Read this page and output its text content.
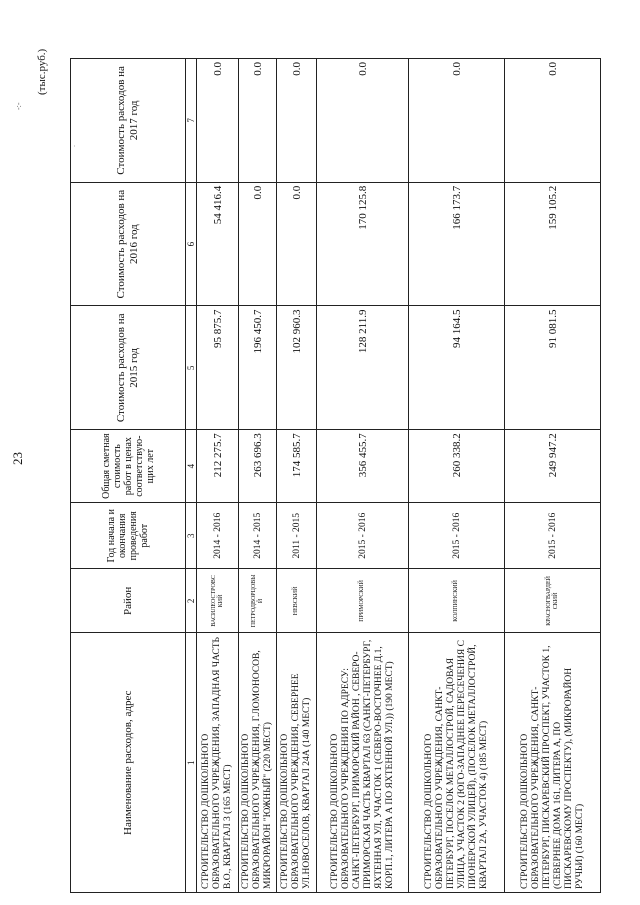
23
-:-
.
(тыс.руб.)
Наименование расходов, адрес	Район	Год начала и окончания проведения работ	Общая сметная стоимость работ в ценах соответствую-щих лет	Стоимость расходов на 2015 год	Стоимость расходов на 2016 год	Стоимость расходов на 2017 год
1	2	3	4	5	6	7
СТРОИТЕЛЬСТВО ДОШКОЛЬНОГО ОБРАЗОВАТЕЛЬНОГО УЧРЕЖДЕНИЯ, ЗАПАДНАЯ ЧАСТЬ В.О., КВАРТАЛ 3 (165 МЕСТ)	ВАСИЛЕОСТРОВС КИЙ	2014 - 2016	212 275.7	95 875.7	54 416.4	0.0
СТРОИТЕЛЬСТВО ДОШКОЛЬНОГО ОБРАЗОВАТЕЛЬНОГО УЧРЕЖДЕНИЯ, Г.ЛОМОНОСОВ, МИКРОРАЙОН "ЮЖНЫЙ" (220 МЕСТ)	ПЕТРОДВОРЦОВЫ Й	2014 - 2015	263 696.3	196 450.7	0.0	0.0
СТРОИТЕЛЬСТВО ДОШКОЛЬНОГО ОБРАЗОВАТЕЛЬНОГО УЧРЕЖДЕНИЯ, СЕВЕРНЕЕ УЛ.НОВОСЕЛОВ, КВАРТАЛ 24А (140 МЕСТ)	НЕВСКИЙ	2011 - 2015	174 585.7	102 960.3	0.0	0.0
СТРОИТЕЛЬСТВО ДОШКОЛЬНОГО ОБРАЗОВАТЕЛЬНОГО УЧРЕЖДЕНИЯ ПО АДРЕСУ: САНКТ-ПЕТЕРБУРГ, ПРИМОРСКИЙ РАЙОН , СЕВЕРО-ПРИМОРСКАЯ ЧАСТЬ КВАРТАЛ 63 (САНКТ-ПЕТЕРБУРГ, ЯХТЕННАЯ УЛ, УЧАСТОК 1 (СЕВЕРО-ВОСТОЧНЕЕ Д.1, КОРП.1, ЛИТЕРА А ПО ЯХТЕННОЙ УЛ.)) (190 МЕСТ)	ПРИМОРСКИЙ	2015 - 2016	356 455.7	128 211.9	170 125.8	0.0
СТРОИТЕЛЬСТВО ДОШКОЛЬНОГО ОБРАЗОВАТЕЛЬНОГО УЧРЕЖДЕНИЯ, САНКТ-ПЕТЕРБУРГ, ПОСЕЛОК МЕТАЛЛОСТРОЙ, САДОВАЯ УЛИЦА, УЧАСТОК 2 (ЮГО-ЗАПАДНЕЕ ПЕРЕСЕЧЕНИЯ С ПИОНЕРСКОЙ УЛИЦЕЙ), (ПОСЕЛОК МЕТАЛЛОСТРОЙ, КВАРТАЛ 2А, УЧАСТОК 4) (185 МЕСТ)	КОЛПИНСКИЙ	2015 - 2016	260 338.2	94 164.5	166 173.7	0.0
СТРОИТЕЛЬСТВО ДОШКОЛЬНОГО ОБРАЗОВАТЕЛЬНОГО УЧРЕЖДЕНИЯ, САНКТ-ПЕТЕРБУРГ, ПИСКАРЕВСКИЙ ПРОСПЕКТ, УЧАСТОК 1, (СЕВЕРНЕЕ ДОМА 161, ЛИТЕРА А, ПО ПИСКАРЕВСКОМУ ПРОСПЕКТУ), (МИКРОРАЙОН РУЧЬИ) (160 МЕСТ)	КРАСНОГВАРДЕЙ СКИЙ	2015 - 2016	249 947.2	91 081.5	159 105.2	0.0
